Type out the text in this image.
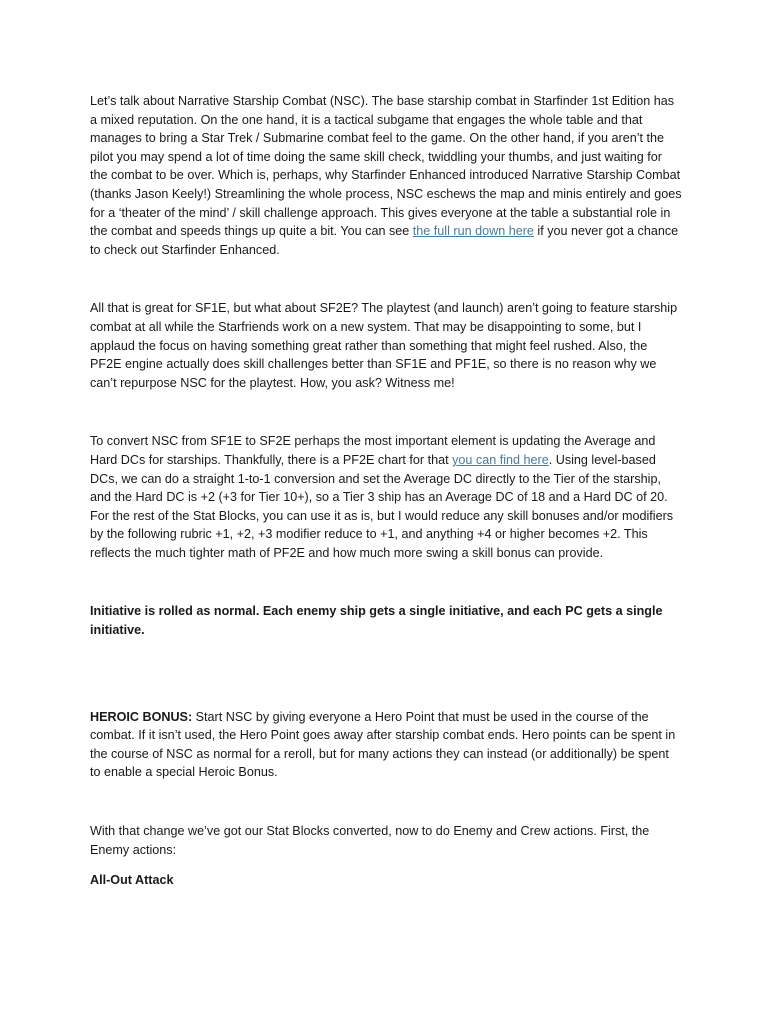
Let’s talk about Narrative Starship Combat (NSC). The base starship combat in Starfinder 1st Edition has a mixed reputation. On the one hand, it is a tactical subgame that engages the whole table and that manages to bring a Star Trek / Submarine combat feel to the game. On the other hand, if you aren’t the pilot you may spend a lot of time doing the same skill check, twiddling your thumbs, and just waiting for the combat to be over. Which is, perhaps, why Starfinder Enhanced introduced Narrative Starship Combat (thanks Jason Keely!) Streamlining the whole process, NSC eschews the map and minis entirely and goes for a ‘theater of the mind’ / skill challenge approach. This gives everyone at the table a substantial role in the combat and speeds things up quite a bit. You can see the full run down here if you never got a chance to check out Starfinder Enhanced.

All that is great for SF1E, but what about SF2E? The playtest (and launch) aren’t going to feature starship combat at all while the Starfriends work on a new system. That may be disappointing to some, but I applaud the focus on having something great rather than something that might feel rushed. Also, the PF2E engine actually does skill challenges better than SF1E and PF1E, so there is no reason why we can’t repurpose NSC for the playtest. How, you ask? Witness me!

To convert NSC from SF1E to SF2E perhaps the most important element is updating the Average and Hard DCs for starships. Thankfully, there is a PF2E chart for that you can find here. Using level-based DCs, we can do a straight 1-to-1 conversion and set the Average DC directly to the Tier of the starship, and the Hard DC is +2 (+3 for Tier 10+), so a Tier 3 ship has an Average DC of 18 and a Hard DC of 20. For the rest of the Stat Blocks, you can use it as is, but I would reduce any skill bonuses and/or modifiers by the following rubric +1, +2, +3 modifier reduce to +1, and anything +4 or higher becomes +2. This reflects the much tighter math of PF2E and how much more swing a skill bonus can provide.

Initiative is rolled as normal. Each enemy ship gets a single initiative, and each PC gets a single initiative.

HEROIC BONUS: Start NSC by giving everyone a Hero Point that must be used in the course of the combat. If it isn’t used, the Hero Point goes away after starship combat ends. Hero points can be spent in the course of NSC as normal for a reroll, but for many actions they can instead (or additionally) be spent to enable a special Heroic Bonus.

With that change we’ve got our Stat Blocks converted, now to do Enemy and Crew actions. First, the Enemy actions:

All-Out Attack
